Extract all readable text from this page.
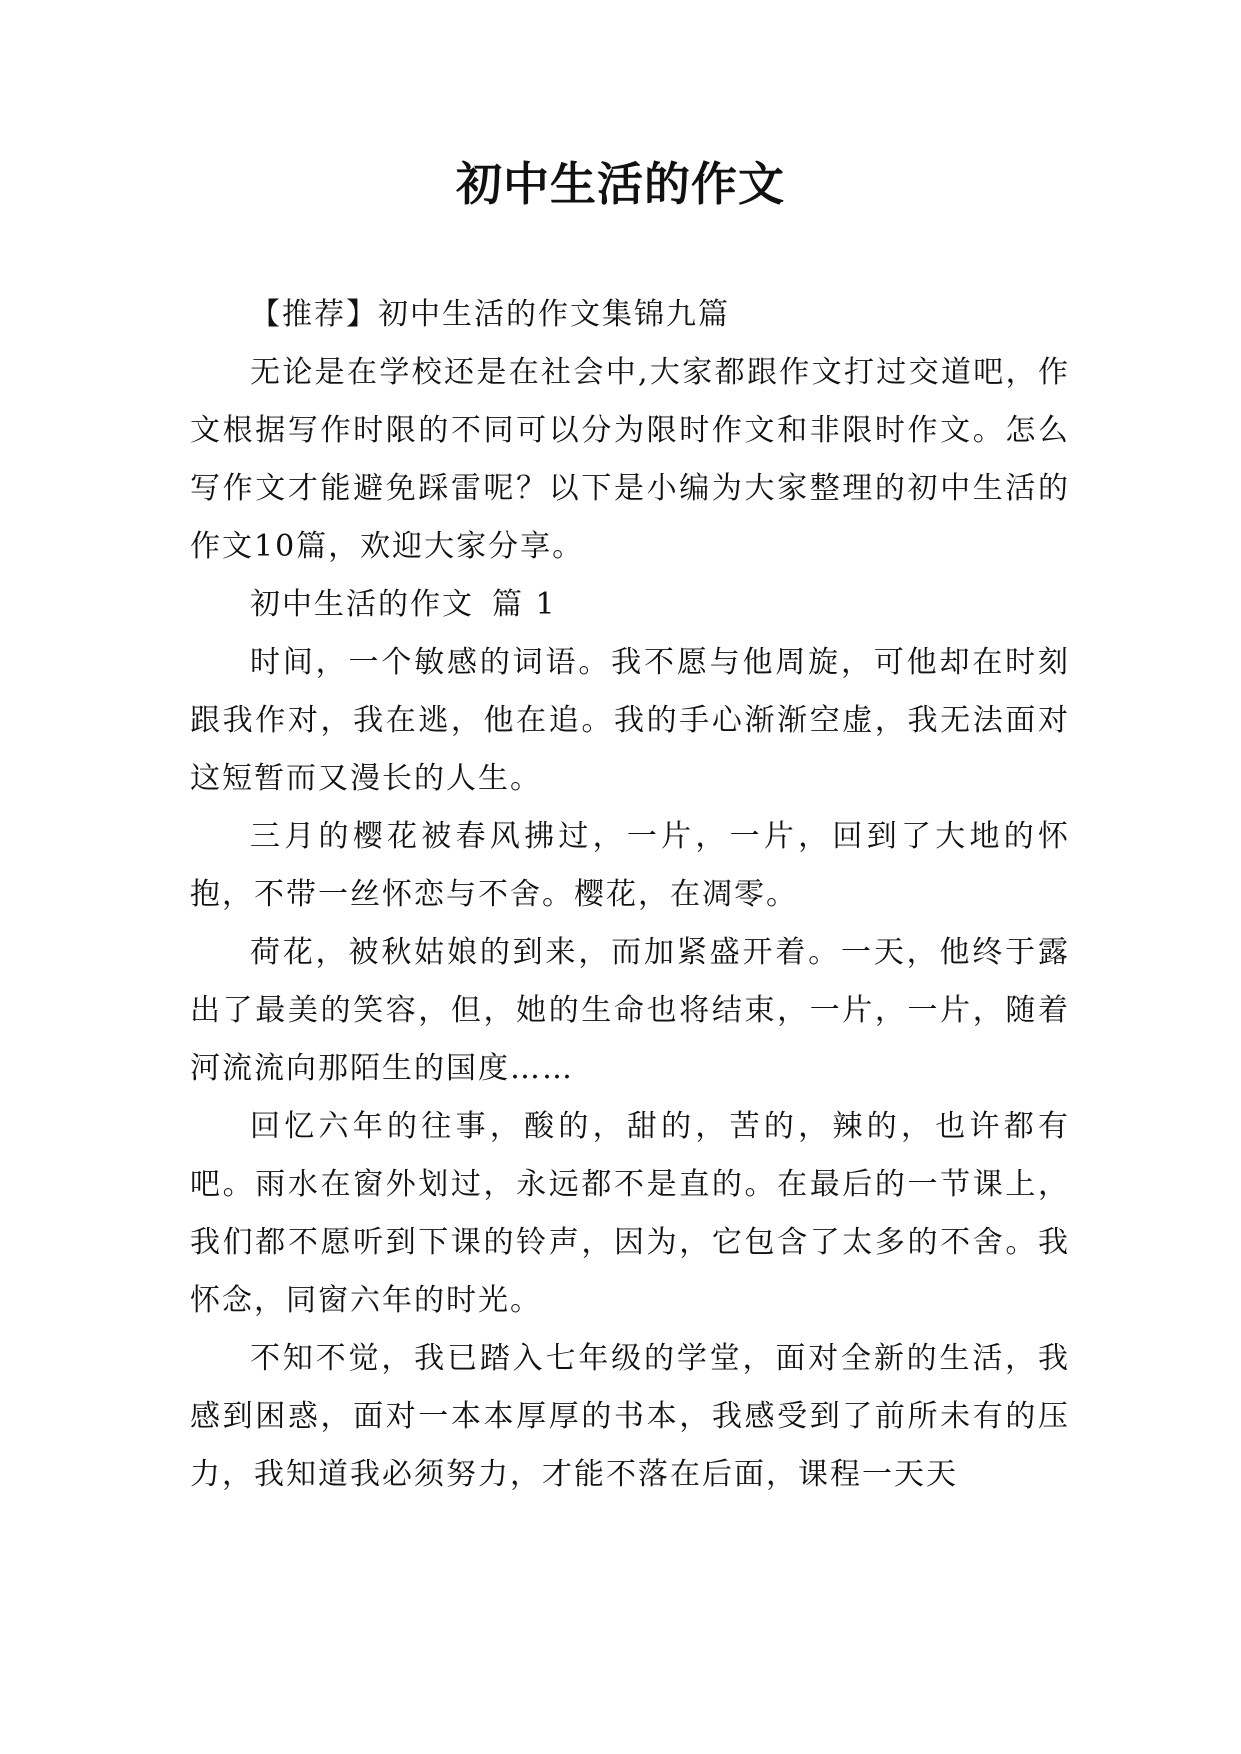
初中生活的作文

【推荐】初中生活的作文集锦九篇

无论是在学校还是在社会中,大家都跟作文打过交道吧，作文根据写作时限的不同可以分为限时作文和非限时作文。怎么写作文才能避免踩雷呢？以下是小编为大家整理的初中生活的作文10篇，欢迎大家分享。

初中生活的作文 篇 1

时间，一个敏感的词语。我不愿与他周旋，可他却在时刻跟我作对，我在逃，他在追。我的手心渐渐空虚，我无法面对这短暂而又漫长的人生。

三月的樱花被春风拂过，一片，一片，回到了大地的怀抱，不带一丝怀恋与不舍。樱花，在凋零。

荷花，被秋姑娘的到来，而加紧盛开着。一天，他终于露出了最美的笑容，但，她的生命也将结束，一片，一片，随着河流流向那陌生的国度……

回忆六年的往事，酸的，甜的，苦的，辣的，也许都有吧。雨水在窗外划过，永远都不是直的。在最后的一节课上，我们都不愿听到下课的铃声，因为，它包含了太多的不舍。我怀念，同窗六年的时光。

不知不觉，我已踏入七年级的学堂，面对全新的生活，我感到困惑，面对一本本厚厚的书本，我感受到了前所未有的压力，我知道我必须努力，才能不落在后面，课程一天天
